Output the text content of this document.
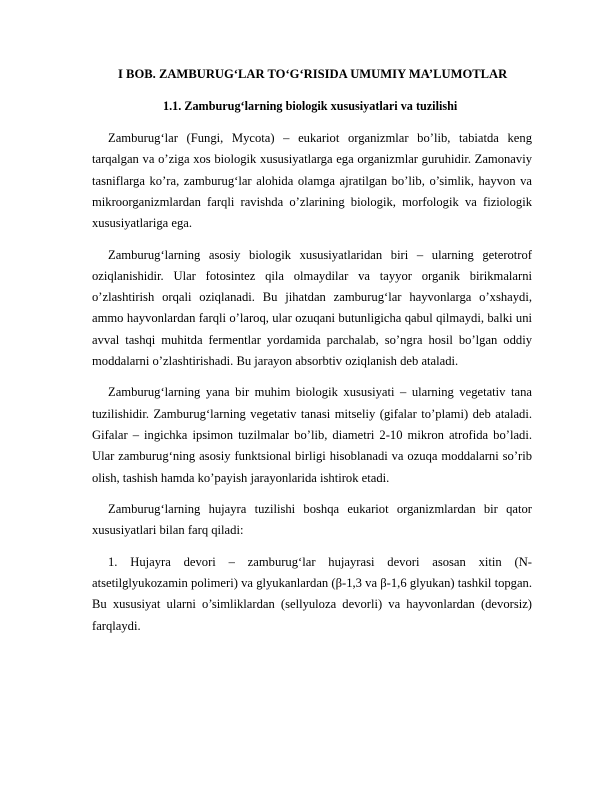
I BOB. ZAMBURUG‘LAR TO‘G‘RISIDA UMUMIY MA’LUMOTLAR
1.1. Zamburug‘larning biologik xususiyatlari va tuzilishi

Zamburug‘lar (Fungi, Mycota) – eukariot organizmlar bo’lib, tabiatda keng tarqalgan va o’ziga xos biologik xususiyatlarga ega organizmlar guruhidir. Zamonaviy tasniflarga ko’ra, zamburug‘lar alohida olamga ajratilgan bo’lib, o’simlik, hayvon va mikroorganizmlardan farqli ravishda o’zlarining biologik, morfologik va fiziologik xususiyatlariga ega.

Zamburug‘larning asosiy biologik xususiyatlaridan biri – ularning geterotrof oziqlanishidir. Ular fotosintez qila olmaydilar va tayyor organik birikmalarni o’zlashtirish orqali oziqlanadi. Bu jihatdan zamburug‘lar hayvonlarga o’xshaydi, ammo hayvonlardan farqli o’laroq, ular ozuqani butunligicha qabul qilmaydi, balki uni avval tashqi muhitda fermentlar yordamida parchalab, so’ngra hosil bo’lgan oddiy moddalarni o’zlashtirishadi. Bu jarayon absorbtiv oziqlanish deb ataladi.

Zamburug‘larning yana bir muhim biologik xususiyati – ularning vegetativ tana tuzilishidir. Zamburug‘larning vegetativ tanasi mitseliy (gifalar to’plami) deb ataladi. Gifalar – ingichka ipsimon tuzilmalar bo’lib, diametri 2-10 mikron atrofida bo’ladi. Ular zamburug‘ning asosiy funktsional birligi hisoblanadi va ozuqa moddalarni so’rib olish, tashish hamda ko’payish jarayonlarida ishtirok etadi.

Zamburug‘larning hujayra tuzilishi boshqa eukariot organizmlardan bir qator xususiyatlari bilan farq qiladi:

1. Hujayra devori – zamburug‘lar hujayrasi devori asosan xitin (N-atsetilglyukozamin polimeri) va glyukanlardan (β-1,3 va β-1,6 glyukan) tashkil topgan. Bu xususiyat ularni o’simliklardan (sellyuloza devorli) va hayvonlardan (devorsiz) farqlaydi.
